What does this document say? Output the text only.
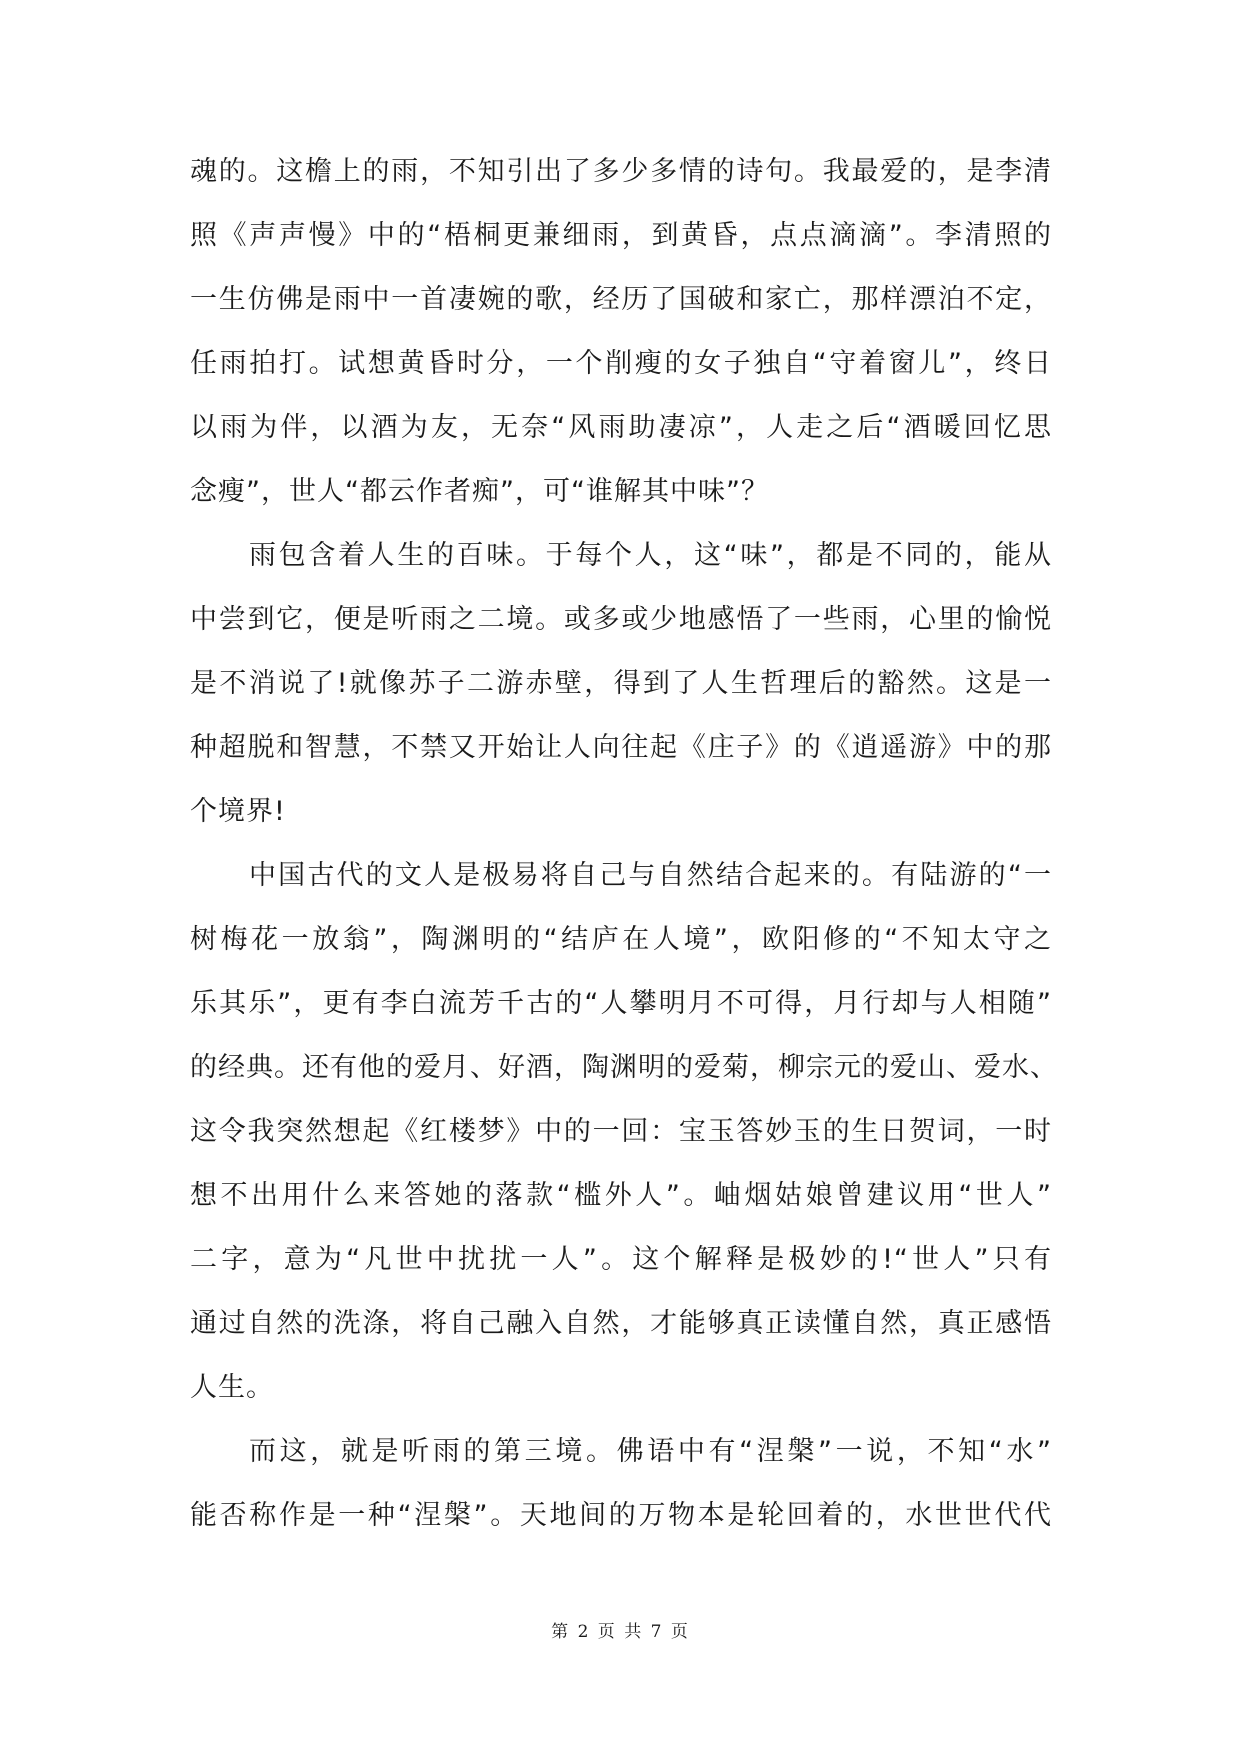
魂的。这檐上的雨，不知引出了多少多情的诗句。我最爱的，是李清
照《声声慢》中的“梧桐更兼细雨，到黄昏，点点滴滴”。李清照的
一生仿佛是雨中一首凄婉的歌，经历了国破和家亡，那样漂泊不定，
任雨拍打。试想黄昏时分，一个削瘦的女子独自“守着窗儿”，终日
以雨为伴，以酒为友，无奈“风雨助凄凉”，人走之后“酒暖回忆思
念瘦”，世人“都云作者痴”，可“谁解其中味”？
雨包含着人生的百味。于每个人，这“味”，都是不同的，能从
中尝到它，便是听雨之二境。或多或少地感悟了一些雨，心里的愉悦
是不消说了!就像苏子二游赤壁，得到了人生哲理后的豁然。这是一
种超脱和智慧，不禁又开始让人向往起《庄子》的《逍遥游》中的那
个境界!
中国古代的文人是极易将自己与自然结合起来的。有陆游的“一
树梅花一放翁”，陶渊明的“结庐在人境”，欧阳修的“不知太守之
乐其乐”，更有李白流芳千古的“人攀明月不可得，月行却与人相随”
的经典。还有他的爱月、好酒，陶渊明的爱菊，柳宗元的爱山、爱水、
这令我突然想起《红楼梦》中的一回：宝玉答妙玉的生日贺词，一时
想不出用什么来答她的落款“槛外人”。岫烟姑娘曾建议用“世人”
二字，意为“凡世中扰扰一人”。这个解释是极妙的!“世人”只有
通过自然的洗涤，将自己融入自然，才能够真正读懂自然，真正感悟
人生。
而这，就是听雨的第三境。佛语中有“涅槃”一说，不知“水”
能否称作是一种“涅槃”。天地间的万物本是轮回着的，水世世代代
第 2 页 共 7 页
